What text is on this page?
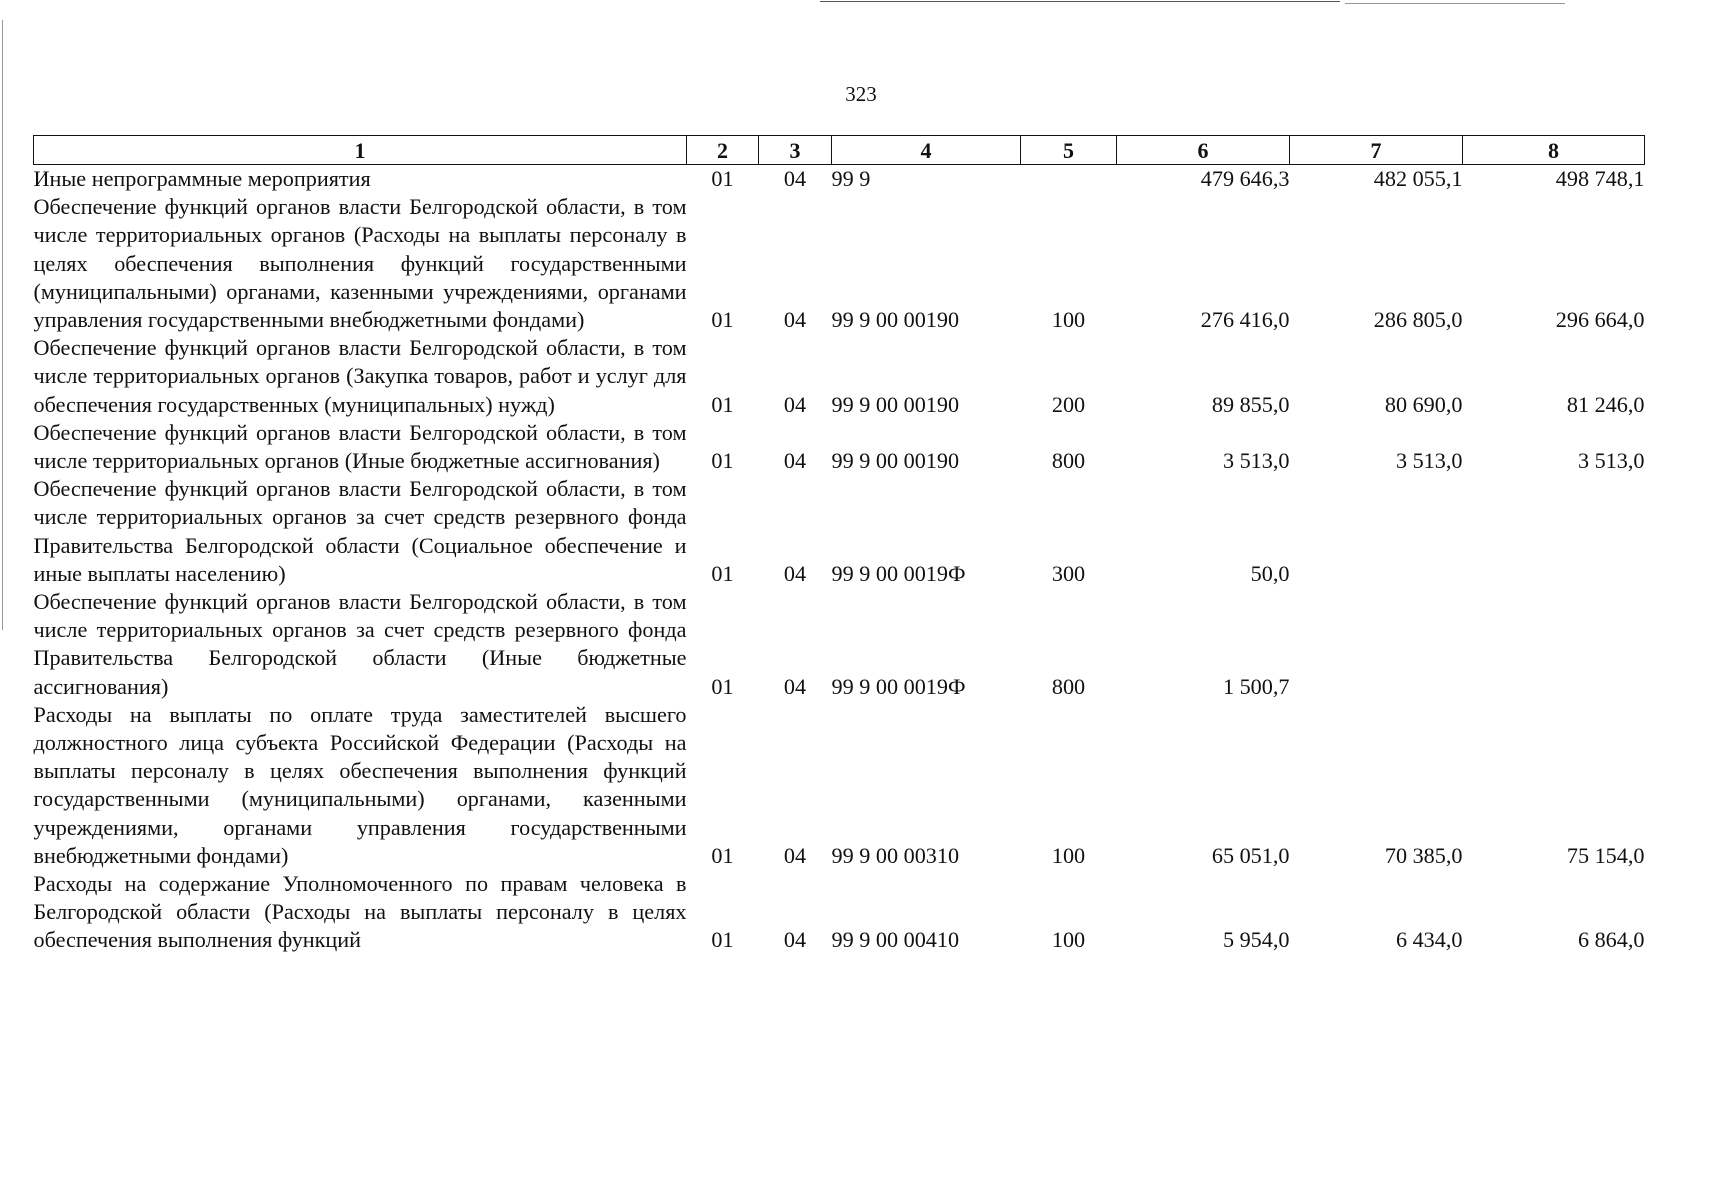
323
1	2	3	4	5	6	7	8
Иные непрограммные мероприятия	01	04	99 9		479 646,3	482 055,1	498 748,1
Обеспечение функций органов власти Белгородской области, в том числе территориальных органов (Расходы на выплаты персоналу в целях обеспечения выполнения функций государственными (муниципальными) органами, казенными учреждениями, органами управления государственными внебюджетными фондами)	01	04	99 9 00 00190	100	276 416,0	286 805,0	296 664,0
Обеспечение функций органов власти Белгородской области, в том числе территориальных органов (Закупка товаров, работ и услуг для обеспечения государственных (муниципальных) нужд)	01	04	99 9 00 00190	200	89 855,0	80 690,0	81 246,0
Обеспечение функций органов власти Белгородской области, в том числе территориальных органов (Иные бюджетные ассигнования)	01	04	99 9 00 00190	800	3 513,0	3 513,0	3 513,0
Обеспечение функций органов власти Белгородской области, в том числе территориальных органов за счет средств резервного фонда Правительства Белгородской области (Социальное обеспечение и иные выплаты населению)	01	04	99 9 00 0019Ф	300	50,0		
Обеспечение функций органов власти Белгородской области, в том числе территориальных органов за счет средств резервного фонда Правительства Белгородской области (Иные бюджетные ассигнования)	01	04	99 9 00 0019Ф	800	1 500,7		
Расходы на выплаты по оплате труда заместителей высшего должностного лица субъекта Российской Федерации (Расходы на выплаты персоналу в целях обеспечения выполнения функций государственными (муниципальными) органами, казенными учреждениями, органами управления государственными внебюджетными фондами)	01	04	99 9 00 00310	100	65 051,0	70 385,0	75 154,0
Расходы на содержание Уполномоченного по правам человека в Белгородской области (Расходы на выплаты персоналу в целях обеспечения выполнения функций	01	04	99 9 00 00410	100	5 954,0	6 434,0	6 864,0
